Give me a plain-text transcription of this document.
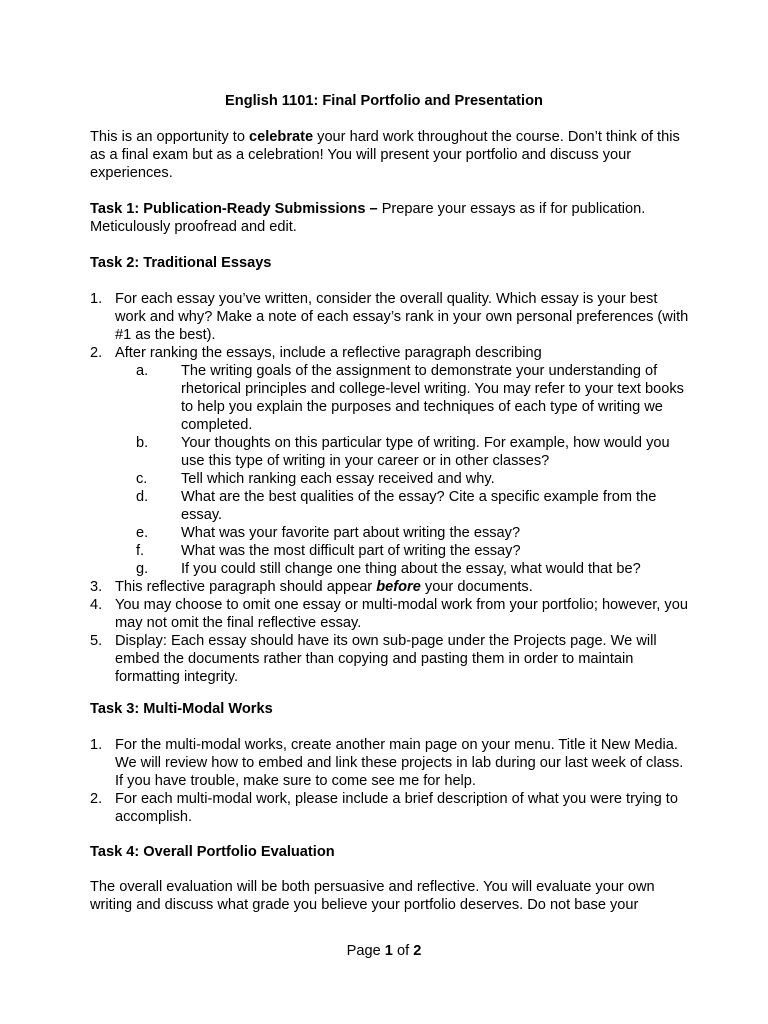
English 1101: Final Portfolio and Presentation
This is an opportunity to celebrate your hard work throughout the course. Don’t think of this as a final exam but as a celebration! You will present your portfolio and discuss your experiences.
Task 1: Publication-Ready Submissions – Prepare your essays as if for publication. Meticulously proofread and edit.
Task 2: Traditional Essays
1. For each essay you’ve written, consider the overall quality. Which essay is your best work and why? Make a note of each essay’s rank in your own personal preferences (with #1 as the best).
2. After ranking the essays, include a reflective paragraph describing
a. The writing goals of the assignment to demonstrate your understanding of rhetorical principles and college-level writing. You may refer to your text books to help you explain the purposes and techniques of each type of writing we completed.
b. Your thoughts on this particular type of writing. For example, how would you use this type of writing in your career or in other classes?
c. Tell which ranking each essay received and why.
d. What are the best qualities of the essay? Cite a specific example from the essay.
e. What was your favorite part about writing the essay?
f.	What was the most difficult part of writing the essay?
g. If you could still change one thing about the essay, what would that be?
3. This reflective paragraph should appear before your documents.
4. You may choose to omit one essay or multi-modal work from your portfolio; however, you may not omit the final reflective essay.
5. Display: Each essay should have its own sub-page under the Projects page. We will embed the documents rather than copying and pasting them in order to maintain formatting integrity.
Task 3: Multi-Modal Works
1. For the multi-modal works, create another main page on your menu. Title it New Media. We will review how to embed and link these projects in lab during our last week of class. If you have trouble, make sure to come see me for help.
2. For each multi-modal work, please include a brief description of what you were trying to accomplish.
Task 4: Overall Portfolio Evaluation
The overall evaluation will be both persuasive and reflective. You will evaluate your own writing and discuss what grade you believe your portfolio deserves. Do not base your
Page 1 of 2
